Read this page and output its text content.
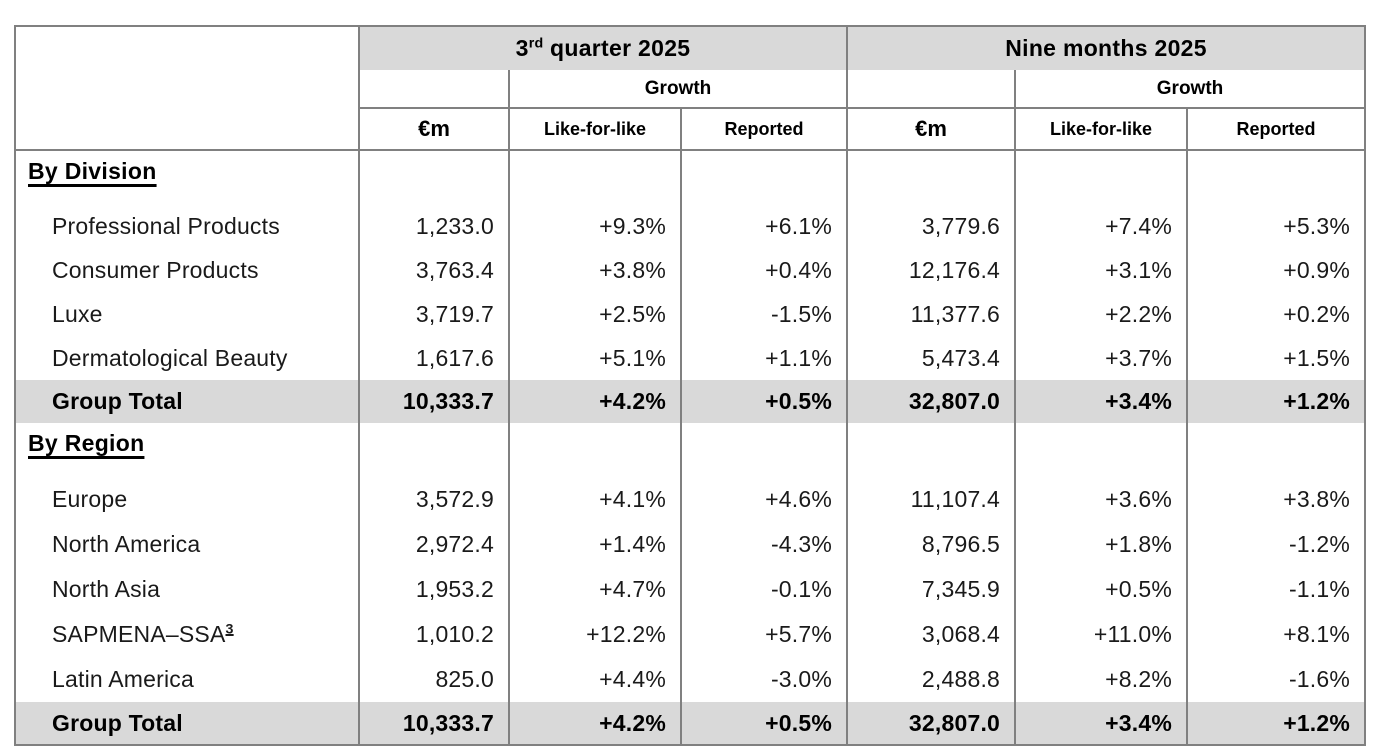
	3rd quarter 2025			Nine months 2025		
		Growth			Growth	
	€m	Like-for-like	Reported	€m	Like-for-like	Reported
By Division						
Professional Products	1,233.0	+9.3%	+6.1%	3,779.6	+7.4%	+5.3%
Consumer Products	3,763.4	+3.8%	+0.4%	12,176.4	+3.1%	+0.9%
Luxe	3,719.7	+2.5%	-1.5%	11,377.6	+2.2%	+0.2%
Dermatological Beauty	1,617.6	+5.1%	+1.1%	5,473.4	+3.7%	+1.5%
Group Total	10,333.7	+4.2%	+0.5%	32,807.0	+3.4%	+1.2%
By Region						
Europe	3,572.9	+4.1%	+4.6%	11,107.4	+3.6%	+3.8%
North America	2,972.4	+1.4%	-4.3%	8,796.5	+1.8%	-1.2%
North Asia	1,953.2	+4.7%	-0.1%	7,345.9	+0.5%	-1.1%
SAPMENA–SSA$^3$	1,010.2	+12.2%	+5.7%	3,068.4	+11.0%	+8.1%
Latin America	825.0	+4.4%	-3.0%	2,488.8	+8.2%	-1.6%
Group Total	10,333.7	+4.2%	+0.5%	32,807.0	+3.4%	+1.2%
